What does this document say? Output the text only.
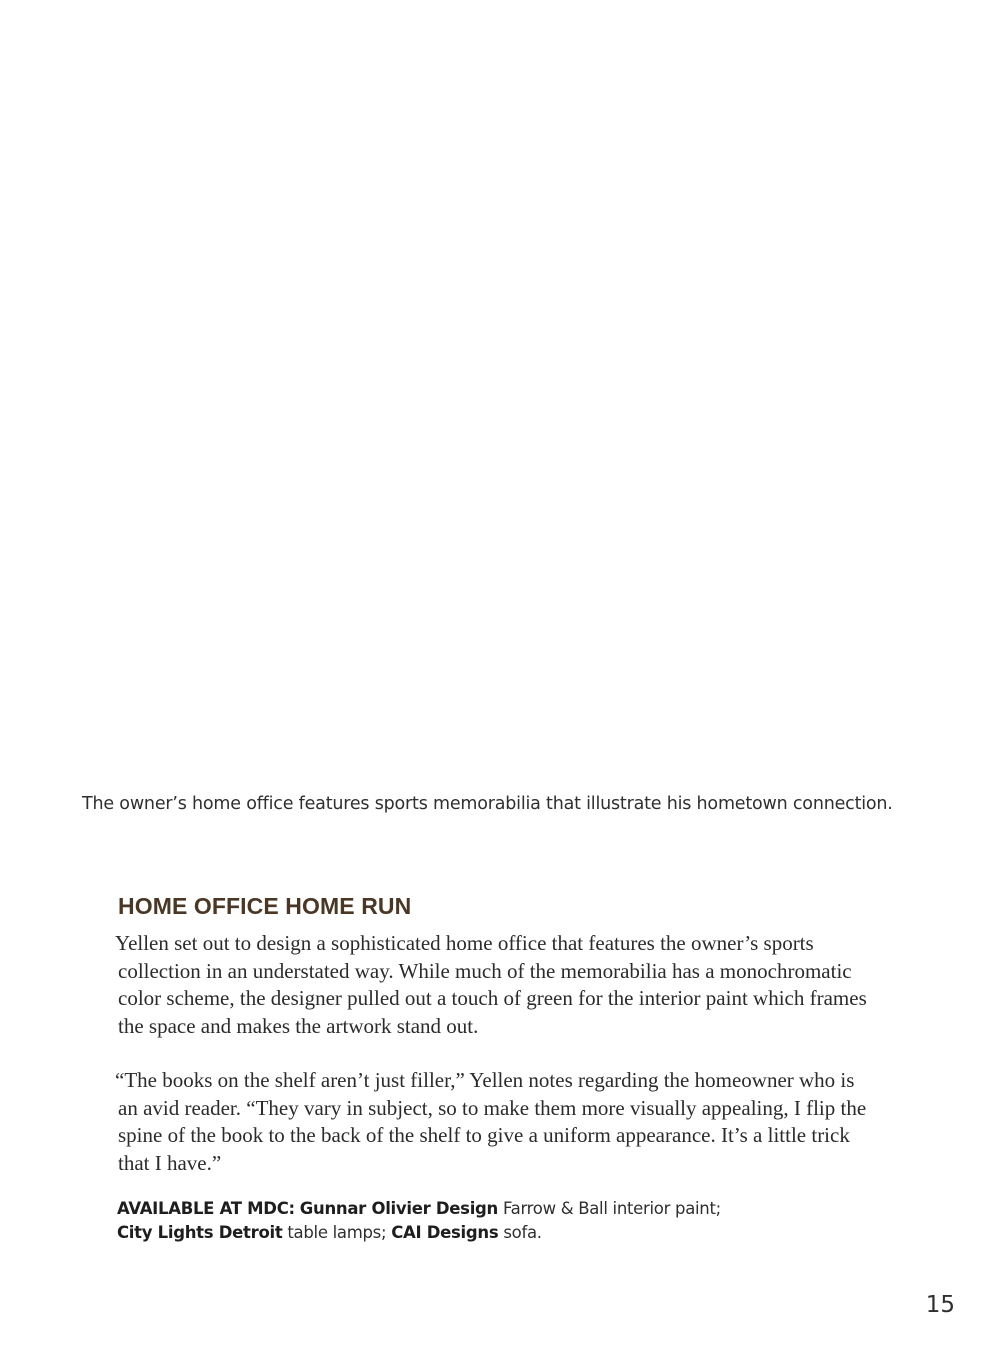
The owner’s home office features sports memorabilia that illustrate his hometown connection.
HOME OFFICE HOME RUN

Yellen set out to design a sophisticated home office that features the owner’s sports collection in an understated way. While much of the memorabilia has a monochromatic color scheme, the designer pulled out a touch of green for the interior paint which frames the space and makes the artwork stand out.

“The books on the shelf aren’t just filler,” Yellen notes regarding the homeowner who is an avid reader. “They vary in subject, so to make them more visually appealing, I flip the spine of the book to the back of the shelf to give a uniform appearance. It’s a little trick that I have.”

AVAILABLE AT MDC: Gunnar Olivier Design Farrow & Ball interior paint;
City Lights Detroit table lamps; CAI Designs sofa.
15
